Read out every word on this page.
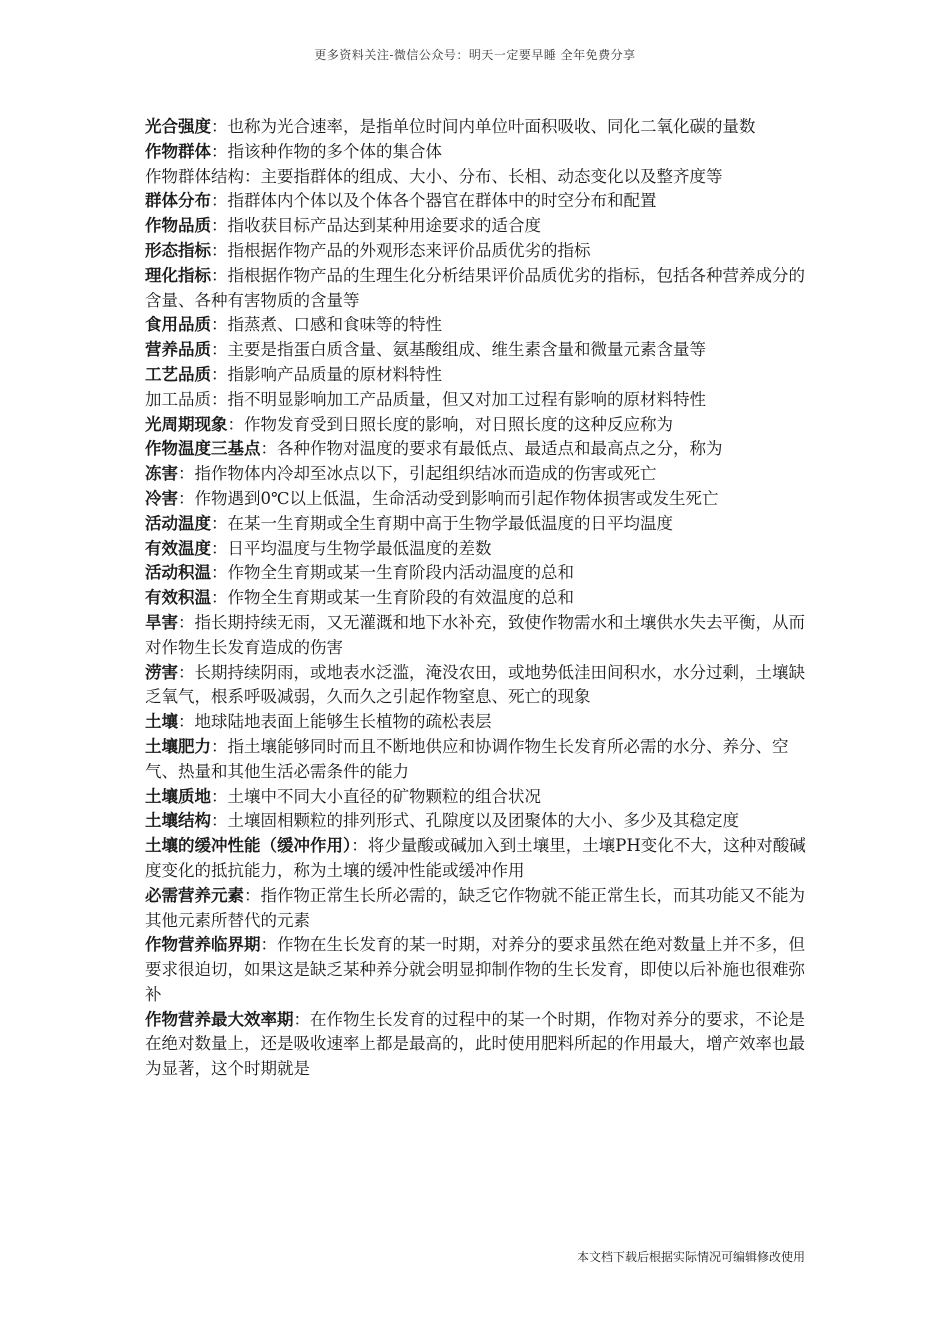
更多资料关注-微信公众号：明天一定要早睡 全年免费分享

光合强度：也称为光合速率，是指单位时间内单位叶面积吸收、同化二氧化碳的量数

作物群体：指该种作物的多个体的集合体

作物群体结构：主要指群体的组成、大小、分布、长相、动态变化以及整齐度等

群体分布：指群体内个体以及个体各个器官在群体中的时空分布和配置

作物品质：指收获目标产品达到某种用途要求的适合度

形态指标：指根据作物产品的外观形态来评价品质优劣的指标

理化指标：指根据作物产品的生理生化分析结果评价品质优劣的指标，包括各种营养成分的含量、各种有害物质的含量等

食用品质：指蒸煮、口感和食味等的特性

营养品质：主要是指蛋白质含量、氨基酸组成、维生素含量和微量元素含量等

工艺品质：指影响产品质量的原材料特性

加工品质：指不明显影响加工产品质量，但又对加工过程有影响的原材料特性

光周期现象：作物发育受到日照长度的影响，对日照长度的这种反应称为

作物温度三基点：各种作物对温度的要求有最低点、最适点和最高点之分，称为

冻害：指作物体内冷却至冰点以下，引起组织结冰而造成的伤害或死亡

冷害：作物遇到0℃以上低温，生命活动受到影响而引起作物体损害或发生死亡

活动温度：在某一生育期或全生育期中高于生物学最低温度的日平均温度

有效温度：日平均温度与生物学最低温度的差数

活动积温：作物全生育期或某一生育阶段内活动温度的总和

有效积温：作物全生育期或某一生育阶段的有效温度的总和

旱害：指长期持续无雨，又无灌溉和地下水补充，致使作物需水和土壤供水失去平衡，从而对作物生长发育造成的伤害

涝害：长期持续阴雨，或地表水泛滥，淹没农田，或地势低洼田间积水，水分过剩，土壤缺乏氧气，根系呼吸减弱，久而久之引起作物窒息、死亡的现象

土壤：地球陆地表面上能够生长植物的疏松表层

土壤肥力：指土壤能够同时而且不断地供应和协调作物生长发育所必需的水分、养分、空气、热量和其他生活必需条件的能力

土壤质地：土壤中不同大小直径的矿物颗粒的组合状况

土壤结构：土壤固相颗粒的排列形式、孔隙度以及团聚体的大小、多少及其稳定度

土壤的缓冲性能（缓冲作用）：将少量酸或碱加入到土壤里，土壤PH变化不大，这种对酸碱度变化的抵抗能力，称为土壤的缓冲性能或缓冲作用

必需营养元素：指作物正常生长所必需的，缺乏它作物就不能正常生长，而其功能又不能为其他元素所替代的元素

作物营养临界期：作物在生长发育的某一时期，对养分的要求虽然在绝对数量上并不多，但要求很迫切，如果这是缺乏某种养分就会明显抑制作物的生长发育，即使以后补施也很难弥补

作物营养最大效率期：在作物生长发育的过程中的某一个时期，作物对养分的要求，不论是在绝对数量上，还是吸收速率上都是最高的，此时使用肥料所起的作用最大，增产效率也最为显著，这个时期就是

本文档下载后根据实际情况可编辑修改使用
